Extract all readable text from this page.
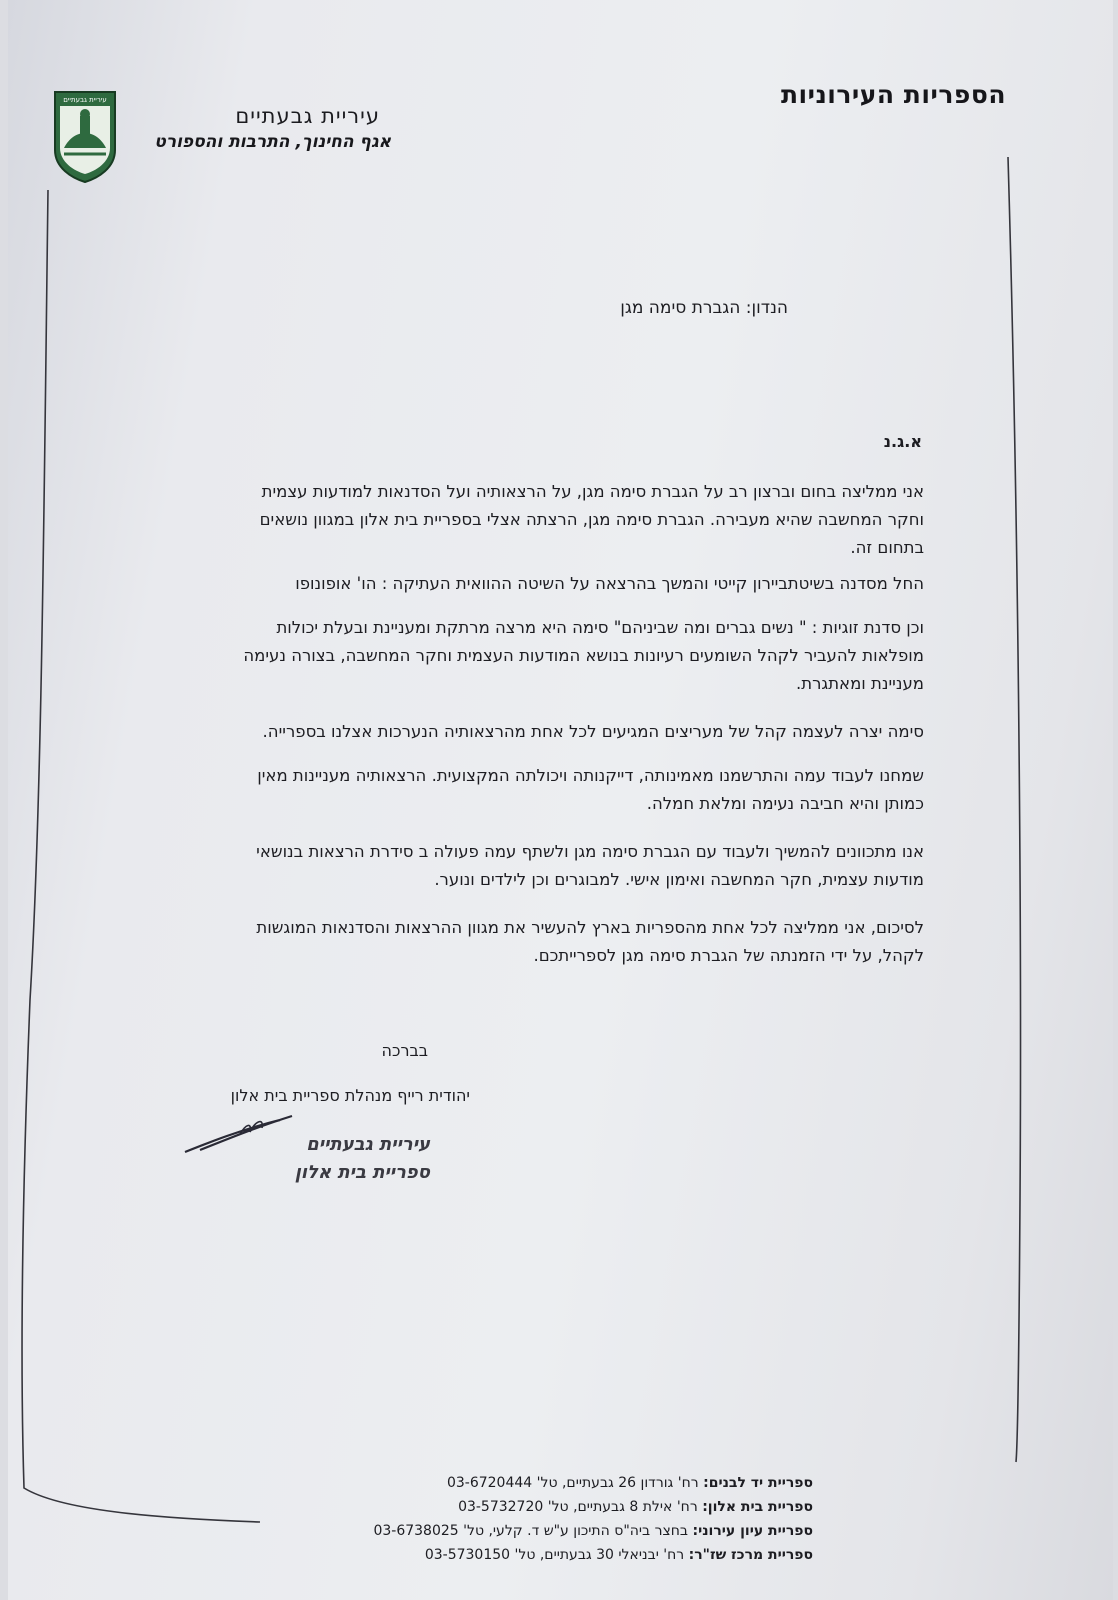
הספריות העירוניות
עיריית גבעתיים
אגף החינוך, התרבות והספורט
עיריית גבעתיים
הנדון: הגברת סימה מגן
א.ג.נ
אני ממליצה בחום וברצון רב על הגברת סימה מגן, על הרצאותיה ועל הסדנאות למודעות עצמית
וחקר המחשבה שהיא מעבירה. הגברת סימה מגן, הרצתה אצלי בספריית בית אלון במגוון נושאים
בתחום זה.
החל מסדנה בשיטתביירון קייטי והמשך בהרצאה על השיטה ההוואית העתיקה : הו' אופונופו
וכן סדנת זוגיות : " נשים גברים ומה שביניהם" סימה היא מרצה מרתקת ומעניינת ובעלת יכולות
מופלאות להעביר לקהל השומעים רעיונות בנושא המודעות העצמית וחקר המחשבה, בצורה נעימה
מעניינת ומאתגרת.
סימה יצרה לעצמה קהל של מעריצים המגיעים לכל אחת מהרצאותיה הנערכות אצלנו בספרייה.
שמחנו לעבוד עמה והתרשמנו מאמינותה, דייקנותה ויכולתה המקצועית. הרצאותיה מעניינות מאין
כמותן והיא חביבה נעימה ומלאת חמלה.
אנו מתכוונים להמשיך ולעבוד עם הגברת סימה מגן ולשתף עמה פעולה ב סידרת הרצאות בנושאי
מודעות עצמית, חקר המחשבה ואימון אישי. למבוגרים וכן לילדים ונוער.
לסיכום, אני ממליצה לכל אחת מהספריות בארץ להעשיר את מגוון ההרצאות והסדנאות המוגשות
לקהל, על ידי הזמנתה של הגברת סימה מגן לספרייתכם.
בברכה
יהודית רייף מנהלת ספריית בית אלון
עיריית גבעתיים
ספריית בית אלון
ספריית יד לבנים: רח' גורדון 26 גבעתיים, טל' 03-6720444
ספריית בית אלון: רח' אילת 8 גבעתיים, טל' 03-5732720
ספריית עיון עירוני: בחצר ביה"ס התיכון ע"ש ד. קלעי, טל' 03-6738025
ספריית מרכז שז"ר: רח' יבניאלי 30 גבעתיים, טל' 03-5730150
